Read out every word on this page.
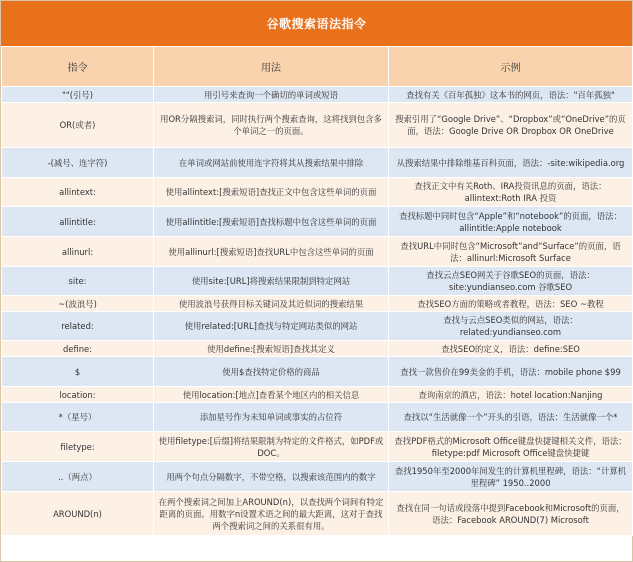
谷歌搜索语法指令
指令	用法	示例
""(引号)	用引号来查询一个确切的单词或短语	查找有关《百年孤独》这本书的网页，语法："百年孤独"
OR(或者)	用OR分隔搜索词，同时执行两个搜索查询，这将找到包含多个单词之一的页面。	搜索引用了“Google Drive”、“Dropbox”或“OneDrive”的页面，语法：Google Drive OR Dropbox OR OneDrive
-(减号、连字符)	在单词或网站前使用连字符将其从搜索结果中排除	从搜索结果中排除维基百科页面，语法：-site:wikipedia.org
allintext:	使用allintext:[搜索短语]查找正文中包含这些单词的页面	查找正文中有关Roth、IRA投资讯息的页面，语法：allintext:Roth IRA 投资
allintitle:	使用allintitle:[搜索短语]查找标题中包含这些单词的页面	查找标题中同时包含“Apple”和“notebook”的页面，语法：allintitle:Apple notebook
allinurl:	使用allinurl:[搜索短语]查找URL中包含这些单词的页面	查找URL中同时包含“Microsoft”and“Surface”的页面，语法：allinurl:Microsoft Surface
site:	使用site:[URL]将搜索结果限制到特定网站	查找云点SEO网关于谷歌SEO的页面，语法：site:yundianseo.com 谷歌SEO
~(波浪号)	使用波浪号获得目标关键词及其近似词的搜索结果	查找SEO方面的策略或者教程，语法：SEO ~教程
related:	使用related:[URL]查找与特定网站类似的网站	查找与云点SEO类似的网站，语法：related:yundianseo.com
define:	使用define:[搜索短语]查找其定义	查找SEO的定义，语法：define:SEO
$	使用$查找特定价格的商品	查找一款售价在99美金的手机，语法：mobile phone $99
location:	使用location:[地点]查看某个地区内的相关信息	查询南京的酒店，语法：hotel location:Nanjing
*（星号）	添加星号作为未知单词或事实的占位符	查找以“生活就像一个”开头的引语，语法：生活就像一个*
filetype:	使用filetype:[后缀]将结果限制为特定的文件格式，如PDF或DOC。	查找PDF格式的Microsoft Office键盘快捷键相关文件，语法：filetype:pdf Microsoft Office键盘快捷键
..（两点）	用两个句点分隔数字，不带空格，以搜索该范围内的数字	查找1950年至2000年间发生的计算机里程碑，语法：“计算机里程碑” 1950..2000
AROUND(n)	在两个搜索词之间加上AROUND(n)，以查找两个词间有特定距离的页面。用数字n设置术语之间的最大距离，这对于查找两个搜索词之间的关系很有用。	查找在同一句话或段落中提到Facebook和Microsoft的页面，语法：Facebook AROUND(7) Microsoft
